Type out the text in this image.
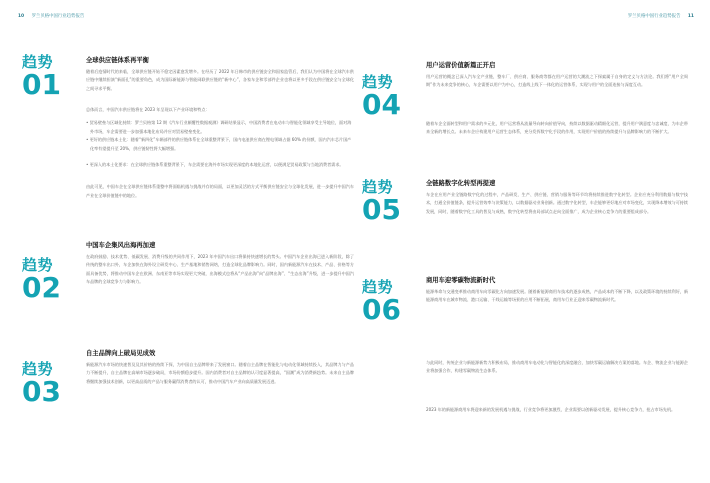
10 罗兰贝格中国行业趋势报告	罗兰贝格中国行业趋势报告 11
趋势
01
全球供应链体系再平衡

随着后疫情时代的来临，全球供应链开始不稳定因素愈发增多。在经历了 2022 年日韩市的供应链安全和国家监管后，我们认为中国将在全球汽车供应链中继续担演“新面孔”的重要角色，成为国际新能源与智能网联供应链的“新中心”，各家车企和零部件企业也将以更多手段在供应链安全与全球化之间寻求平衡。

总体而言，中国汽车供应链将在 2023 年呈现以下产业环境和特点：

• 贸易壁垒与区域化持续：罗兰贝格第 12 期《汽车行业颠覆性数据观测》调研结果显示，中国消费者在电动车与智能化领域享受主导地位，面对海外市场，车企需要进一步加强本地化布局并应对贸易壁垒变化。

• 更好的供应链本土化：随着“新四化”车辆部件的供应链体系在全球重整背景下，国内电池供应商在锂电领域占据 60% 的份额，国内汽车芯片国产化率有望提升至 20%，供应链韧性将大幅增强。

• 更深入的本土化要求：在全球供应链体系重整背景下，车企需要在海外市场实现更深度的本地化运营，以便满足贸易政策与当地消费者需求。

由此可见，中国车企在全球供应链体系重整中将面临机遇与挑战并存的局面，以更加灵活的方式平衡供应链安全与全球化发展，进一步提升中国汽车产业在全球价值链中的地位。

趋势
02
中国车企集风出海再加速

在政府鼓励、技术优势、低碳发展、消费升级的共同作用下，2023 年中国汽车出口将保持快速增长的势头。中国汽车企业出海已进入新阶段，除了传统的整车出口外，车企加快在海外设立研发中心、生产基地和销售网络，打造全球化品牌影响力。同时，国内新能源汽车在技术、产品、价格等方面具备优势，将推动中国车企在欧洲、东南亚等市场实现更大突破，出海模式也将从“产品出海”向“品牌出海”、“生态出海”升级，进一步提升中国汽车品牌的全球竞争力与影响力。

趋势
03
自主品牌向上破局见成效

新能源汽车市场的快速普及及其价格的持续下探，为中国自主品牌带来了发展窗口。随着自主品牌在智能化与电动化领域持续投入，其品牌力与产品力不断提升，自主品牌在高端市场逐步破局，市场份额稳步提升。国内消费者对自主品牌的认可度显著提高，“国潮”成为消费新趋势。未来自主品牌将继续加强技术创新，以更高品质的产品与服务赢得消费者的认可，推动中国汽车产业向高质量发展迈进。

趋势
04
用户运营价值新篇正开启

用户运营的概念已深入汽车全产业链，整车厂、供应商、服务商等都在用户运营的大潮流之下探索属于自身的定义与方法论。我们将“用户全周期”作为未来竞争的核心，车企需要以用户为中心，打造线上线下一体化的运营体系，实现与用户的全面连接与深度互动。

随着车企全面转型和用户需求的多元化，用户运营将从流量导向转向价值导向，持续以数据驱动精细化运营，提升用户满意度与忠诚度，为车企带来全新的增长点。未来车企应构建用户运营生态体系，充分发挥数字化手段的作用，实现用户价值的持续提升与品牌影响力的不断扩大。

趋势
05
全链路数字化转型再提速

车企在应用产业全链路数字化的过程中，产品研发、生产、供应链、营销与服务等环节均将持续推进数字化转型。企业应充分利用数据与数字技术，打通全价值链条，提升运营效率与决策能力，以数据驱动业务创新。通过数字化转型，车企能够更好地应对市场变化，实现降本增效与可持续发展，同时，随着数字化工具的普及与成熟，数字化转型将由局部试点走向全面推广，成为企业核心竞争力的重要组成部分。

趋势
06
商用车迎零碳物流新时代

能源革命与交通变革推动商用车向零碳化方向加速发展。随着新能源商用车技术的逐步成熟，产品成本的不断下降，以及政策环境的持续利好，新能源商用车在城市物流、港口运输、干线运输等场景的应用不断拓展，商用车行业正迎来零碳物流新时代。

与此同时，传统企业与新能源新势力积极布局，推动商用车电动化与智能化的深度融合，加快零碳运输解决方案的落地。车企、物流企业与能源企业将加强合作，构建零碳物流生态体系。

2023 年的新能源商用车将迎来新的发展机遇与挑战，行业竞争将更加激烈，企业需要以创新驱动发展，提升核心竞争力，抢占市场先机。
